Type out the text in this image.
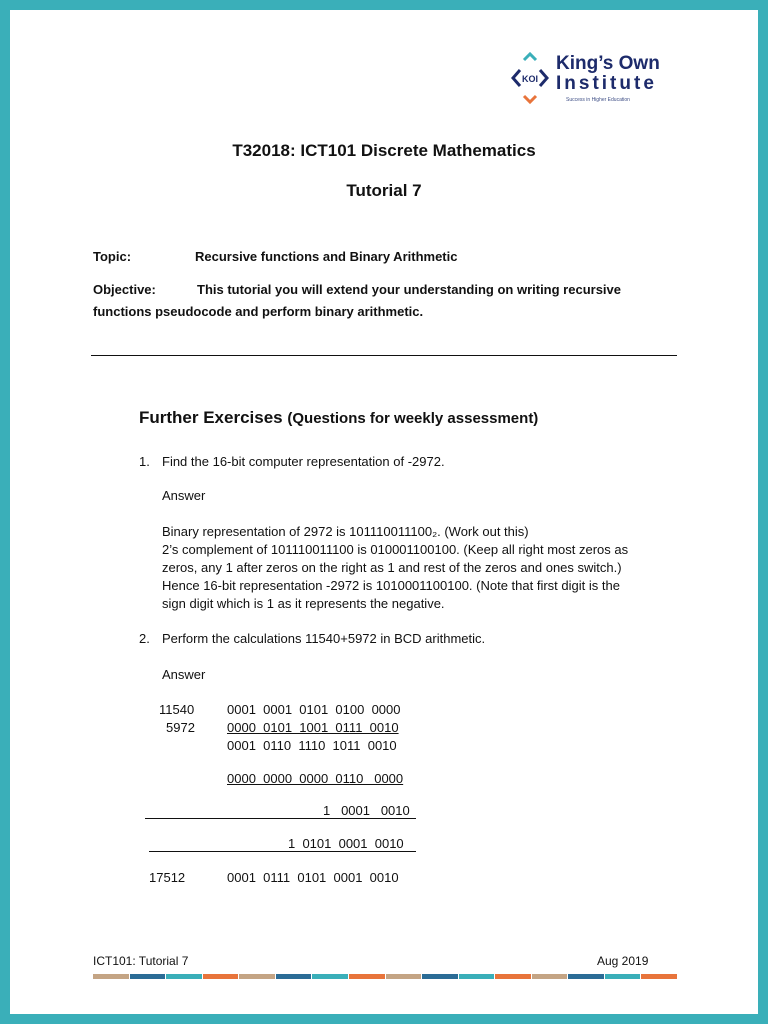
KOI
King’s Own
Institute
Success in Higher Education
T32018: ICT101 Discrete Mathematics
Tutorial 7
Topic:	Recursive functions and Binary Arithmetic
Objective:	This tutorial you will extend your understanding on writing recursive
functions pseudocode and perform binary arithmetic.
Further Exercises (Questions for weekly assessment)
1. Find the 16-bit computer representation of -2972.
Answer
Binary representation of 2972 is 101110011100₂. (Work out this)
2’s complement of 101110011100 is 010001100100. (Keep all right most zeros as
zeros, any 1 after zeros on the right as 1 and rest of the zeros and ones switch.)
Hence 16-bit representation -2972 is 1010001100100. (Note that first digit is the
sign digit which is 1 as it represents the negative.
2. Perform the calculations 11540+5972 in BCD arithmetic.
Answer
11540	0001  0001  0101  0100  0000
5972 0000  0101  1001  0111  0010
0001  0110  1110  1011  0010
0000  0000  0000  0110   0000
1   0001   0010
1  0101  0001  0010
17512	0001  0111  0101  0001  0010
ICT101: Tutorial 7	Aug 2019
